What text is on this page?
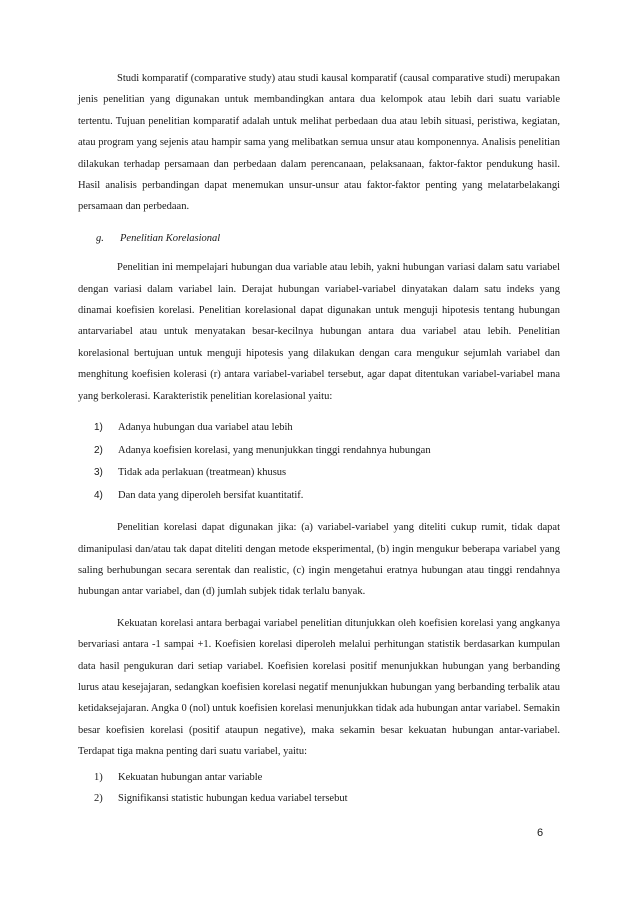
Studi komparatif (comparative study) atau studi kausal komparatif (causal comparative studi) merupakan jenis penelitian yang digunakan untuk membandingkan antara dua kelompok atau lebih dari suatu variable tertentu. Tujuan penelitian komparatif adalah untuk melihat perbedaan dua atau lebih situasi, peristiwa, kegiatan, atau program yang sejenis atau hampir sama yang melibatkan semua unsur atau komponennya. Analisis penelitian dilakukan terhadap persamaan dan perbedaan dalam perencanaan, pelaksanaan, faktor-faktor pendukung hasil. Hasil analisis perbandingan dapat menemukan unsur-unsur atau faktor-faktor penting yang melatarbelakangi persamaan dan perbedaan.

g. Penelitian Korelasional

Penelitian ini mempelajari hubungan dua variable atau lebih, yakni hubungan variasi dalam satu variabel dengan variasi dalam variabel lain. Derajat hubungan variabel-variabel dinyatakan dalam satu indeks yang dinamai koefisien korelasi. Penelitian korelasional dapat digunakan untuk menguji hipotesis tentang hubungan antarvariabel atau untuk menyatakan besar-kecilnya hubungan antara dua variabel atau lebih. Penelitian korelasional bertujuan untuk menguji hipotesis yang dilakukan dengan cara mengukur sejumlah variabel dan menghitung koefisien kolerasi (r) antara variabel-variabel tersebut, agar dapat ditentukan variabel-variabel mana yang berkolerasi. Karakteristik penelitian korelasional yaitu:

1)	Adanya hubungan dua variabel atau lebih
2)	Adanya koefisien korelasi, yang menunjukkan tinggi rendahnya hubungan
3)	Tidak ada perlakuan (treatmean) khusus
4)	Dan data yang diperoleh bersifat kuantitatif.

Penelitian korelasi dapat digunakan jika: (a) variabel-variabel yang diteliti cukup rumit, tidak dapat dimanipulasi dan/atau tak dapat diteliti dengan metode eksperimental, (b) ingin mengukur beberapa variabel yang saling berhubungan secara serentak dan realistic, (c) ingin mengetahui eratnya hubungan atau tinggi rendahnya hubungan antar variabel, dan (d) jumlah subjek tidak terlalu banyak.

Kekuatan korelasi antara berbagai variabel penelitian ditunjukkan oleh koefisien korelasi yang angkanya bervariasi antara -1 sampai +1. Koefisien korelasi diperoleh melalui perhitungan statistik berdasarkan kumpulan data hasil pengukuran dari setiap variabel. Koefisien korelasi positif menunjukkan hubungan yang berbanding lurus atau kesejajaran, sedangkan koefisien korelasi negatif menunjukkan hubungan yang berbanding terbalik atau ketidaksejajaran. Angka 0 (nol) untuk koefisien korelasi menunjukkan tidak ada hubungan antar variabel. Semakin besar koefisien korelasi (positif ataupun negative), maka sekamin besar kekuatan hubungan antar-variabel. Terdapat tiga makna penting dari suatu variabel, yaitu:

1)	Kekuatan hubungan antar variable
2)	Signifikansi statistic hubungan kedua variabel tersebut
6
